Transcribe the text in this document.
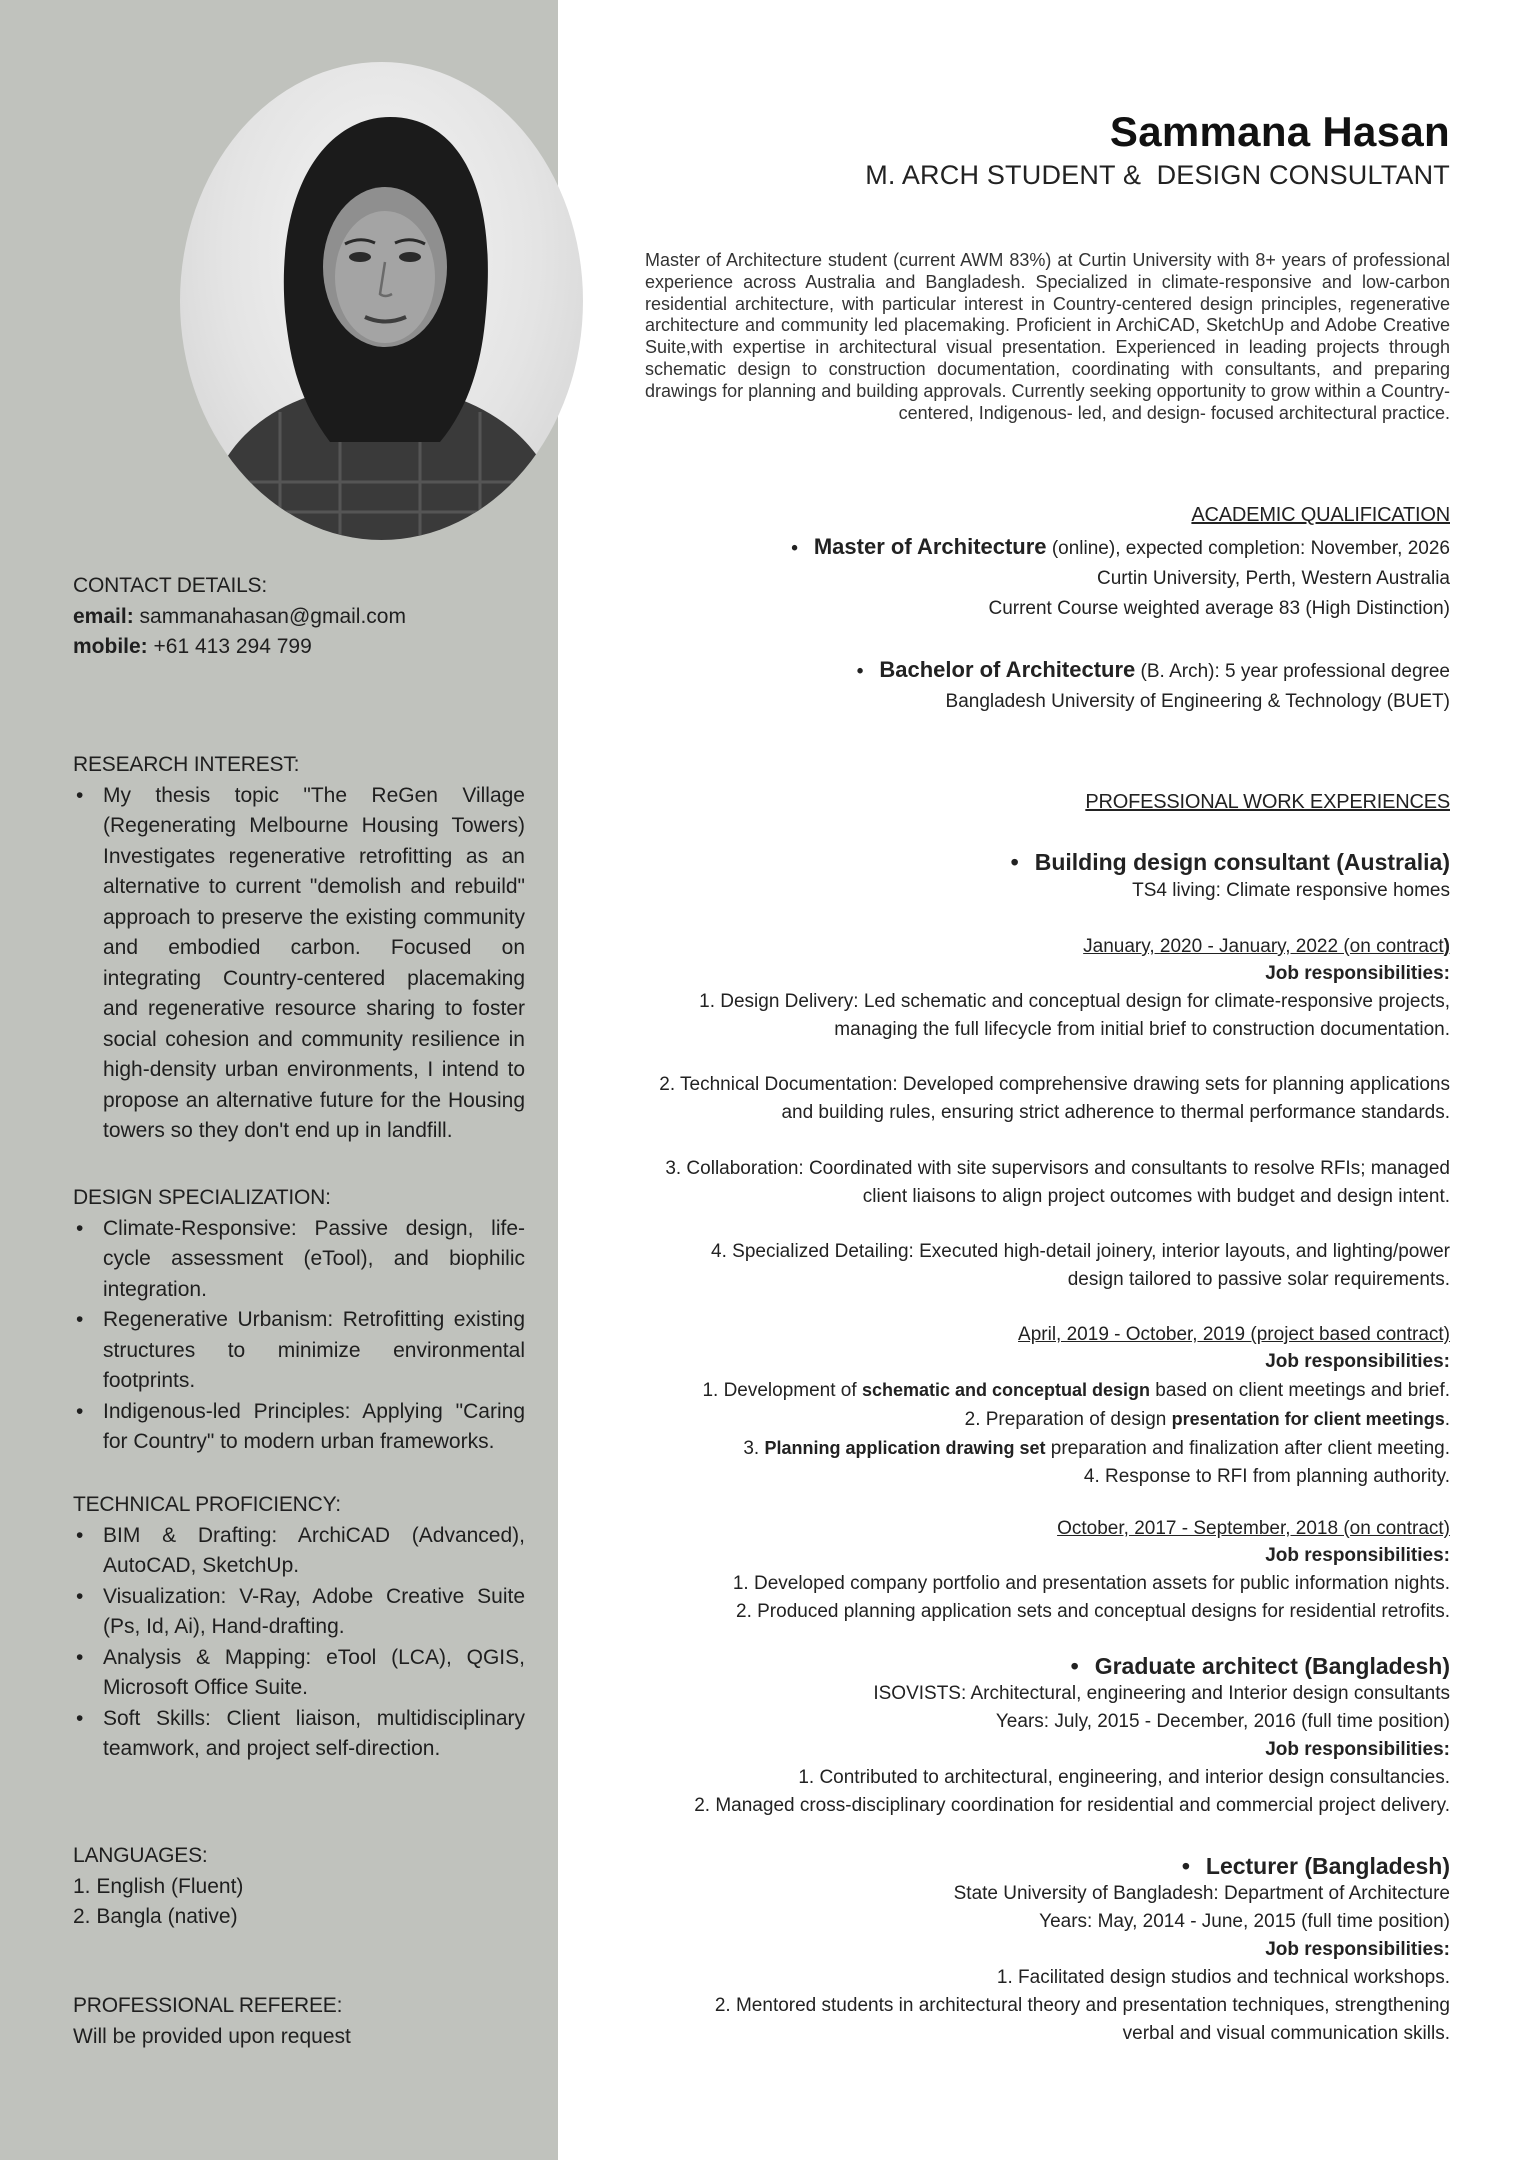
CONTACT DETAILS:
email: sammanahasan@gmail.com
mobile: +61 413 294 799
RESEARCH INTEREST:
• My thesis topic "The ReGen Village (Regenerating Melbourne Housing Towers) Investigates regenerative retrofitting as an alternative to current "demolish and rebuild" approach to preserve the existing community and embodied carbon. Focused on integrating Country-centered placemaking and regenerative resource sharing to foster social cohesion and community resilience in high-density urban environments, I intend to propose an alternative future for the Housing towers so they don't end up in landfill.
DESIGN SPECIALIZATION:
• Climate-Responsive: Passive design, life-cycle assessment (eTool), and biophilic integration.
• Regenerative Urbanism: Retrofitting existing structures to minimize environmental footprints.
• Indigenous-led Principles: Applying "Caring for Country" to modern urban frameworks.
TECHNICAL PROFICIENCY:
• BIM & Drafting: ArchiCAD (Advanced), AutoCAD, SketchUp.
• Visualization: V-Ray, Adobe Creative Suite (Ps, Id, Ai), Hand-drafting.
• Analysis & Mapping: eTool (LCA), QGIS, Microsoft Office Suite.
• Soft Skills: Client liaison, multidisciplinary teamwork, and project self-direction.
LANGUAGES:
1. English (Fluent)
2. Bangla (native)
PROFESSIONAL REFEREE:
Will be provided upon request
Sammana Hasan
M. ARCH STUDENT &  DESIGN CONSULTANT
Master of Architecture student (current AWM 83%) at Curtin University with 8+ years of professional experience across Australia and Bangladesh. Specialized in climate-responsive and low-carbon residential architecture, with particular interest in Country-centered design principles, regenerative architecture and community led placemaking. Proficient in ArchiCAD, SketchUp and Adobe Creative Suite,with expertise in architectural visual presentation. Experienced in leading projects through schematic design to construction documentation, coordinating with consultants, and preparing drawings for planning and building approvals. Currently seeking opportunity to grow within a Country- centered, Indigenous- led, and design- focused architectural practice.
ACADEMIC QUALIFICATION
• Master of Architecture (online), expected completion: November, 2026
Curtin University, Perth, Western Australia
Current Course weighted average 83 (High Distinction)
• Bachelor of Architecture (B. Arch): 5 year professional degree
Bangladesh University of Engineering & Technology (BUET)
PROFESSIONAL WORK EXPERIENCES
• Building design consultant (Australia)
TS4 living: Climate responsive homes
January, 2020 - January, 2022 (on contract)
Job responsibilities:
1. Design Delivery: Led schematic and conceptual design for climate-responsive projects, managing the full lifecycle from initial brief to construction documentation.
2. Technical Documentation: Developed comprehensive drawing sets for planning applications and building rules, ensuring strict adherence to thermal performance standards.
3. Collaboration: Coordinated with site supervisors and consultants to resolve RFIs; managed client liaisons to align project outcomes with budget and design intent.
4. Specialized Detailing: Executed high-detail joinery, interior layouts, and lighting/power design tailored to passive solar requirements.
April, 2019 - October, 2019 (project based contract)
Job responsibilities:
1. Development of schematic and conceptual design based on client meetings and brief.
2. Preparation of design presentation for client meetings.
3. Planning application drawing set preparation and finalization after client meeting.
4. Response to RFI from planning authority.
October, 2017 - September, 2018 (on contract)
Job responsibilities:
1. Developed company portfolio and presentation assets for public information nights.
2. Produced planning application sets and conceptual designs for residential retrofits.
• Graduate architect (Bangladesh)
ISOVISTS: Architectural, engineering and Interior design consultants
Years: July, 2015 - December, 2016 (full time position)
Job responsibilities:
1. Contributed to architectural, engineering, and interior design consultancies.
2. Managed cross-disciplinary coordination for residential and commercial project delivery.
• Lecturer (Bangladesh)
State University of Bangladesh: Department of Architecture
Years: May, 2014 - June, 2015 (full time position)
Job responsibilities:
1. Facilitated design studios and technical workshops.
2. Mentored students in architectural theory and presentation techniques, strengthening verbal and visual communication skills.
